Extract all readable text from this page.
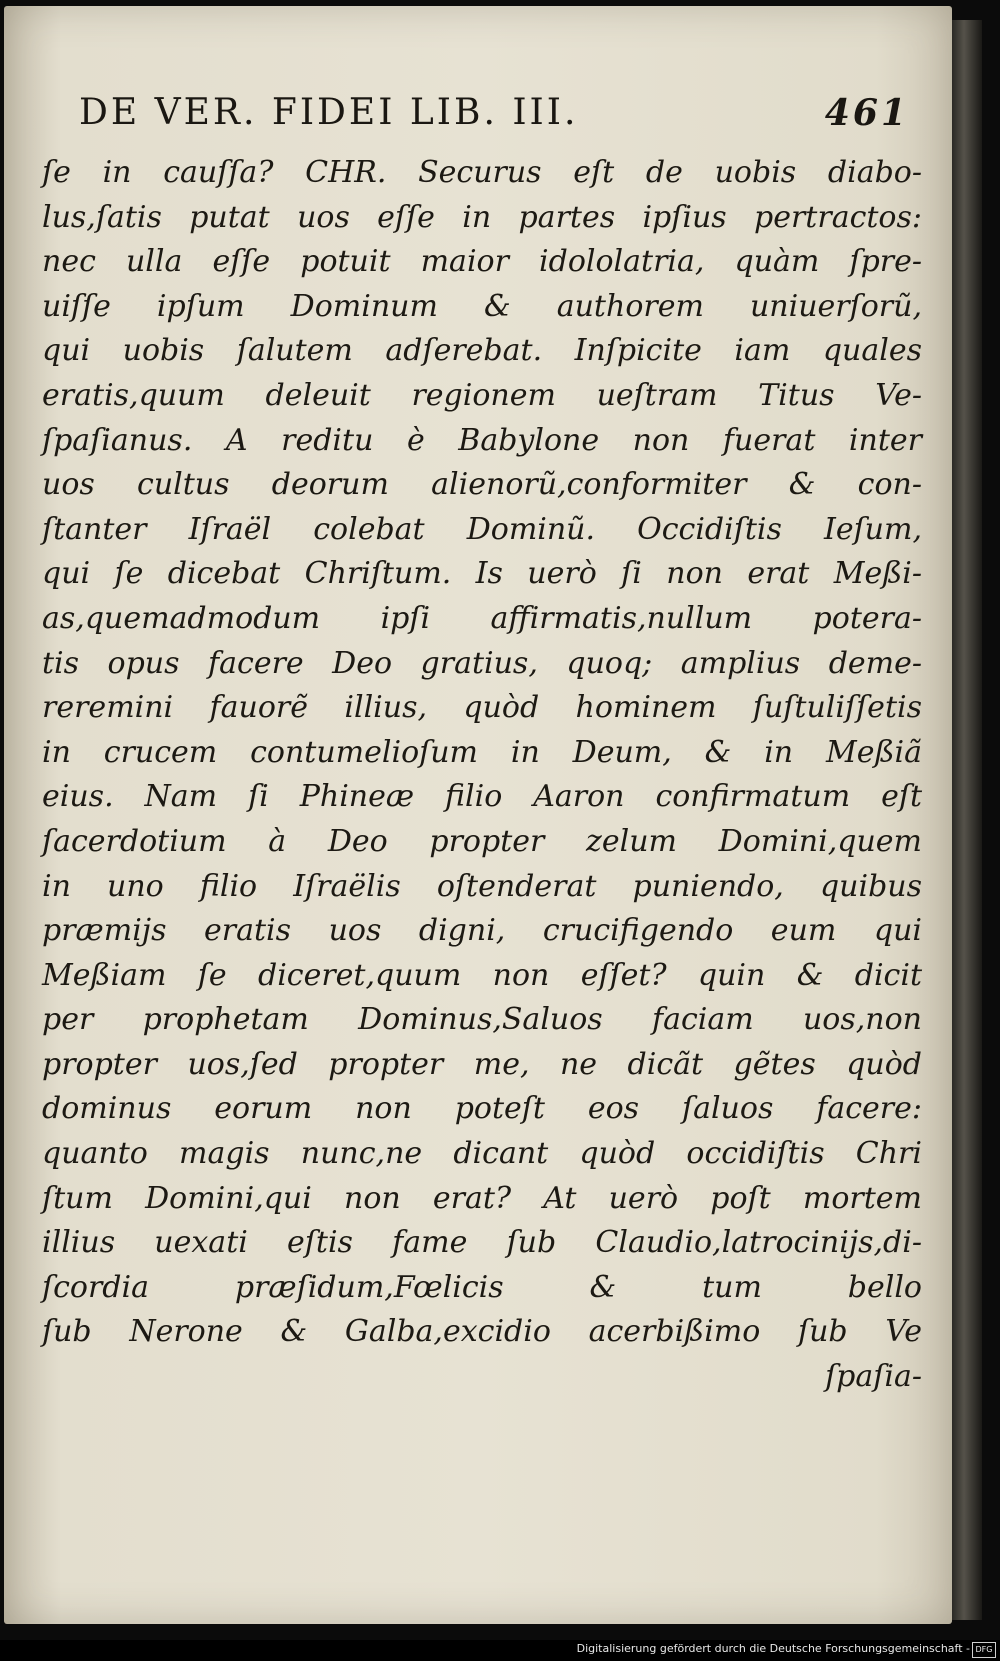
DE VER. FIDEI LIB. III.	461
ſe in cauſſa? CHR. Securus eſt de uobis diabo-
lus,ſatis putat uos eſſe in partes ipſius pertractos:
nec ulla eſſe potuit maior idololatria, quàm ſpre-
uiſſe ipſum Dominum & authorem uniuerſorũ,
qui uobis ſalutem adſerebat. Inſpicite iam quales
eratis,quum deleuit regionem ueſtram Titus Ve-
ſpaſianus. A reditu è Babylone non fuerat inter
uos cultus deorum alienorũ,conformiter & con-
ſtanter Iſraël colebat Dominũ. Occidiſtis Ieſum,
qui ſe dicebat Chriſtum. Is uerò ſi non erat Meßi-
as,quemadmodum ipſi affirmatis,nullum potera-
tis opus facere Deo gratius, quoq; amplius deme-
reremini fauorẽ illius, quòd hominem ſuſtuliſſetis
in crucem contumelioſum in Deum, & in Meßiã
eius. Nam ſi Phineæ filio Aaron confirmatum eſt
ſacerdotium à Deo propter zelum Domini,quem
in uno filio Iſraëlis oſtenderat puniendo, quibus
præmijs eratis uos digni, crucifigendo eum qui
Meßiam ſe diceret,quum non eſſet? quin & dicit
per prophetam Dominus,Saluos faciam uos,non
propter uos,ſed propter me, ne dicãt gẽtes quòd
dominus eorum non poteſt eos ſaluos facere:
quanto magis nunc,ne dicant quòd occidiſtis Chri
ſtum Domini,qui non erat? At uerò poſt mortem
illius uexati eſtis fame ſub Claudio,latrocinijs,di-
ſcordia præſidum,Fœlicis & tum bello
ſub Nerone & Galba,excidio acerbißimo ſub Ve
ſpaſia-
Digitalisierung gefördert durch die Deutsche Forschungsgemeinschaft - DFG
